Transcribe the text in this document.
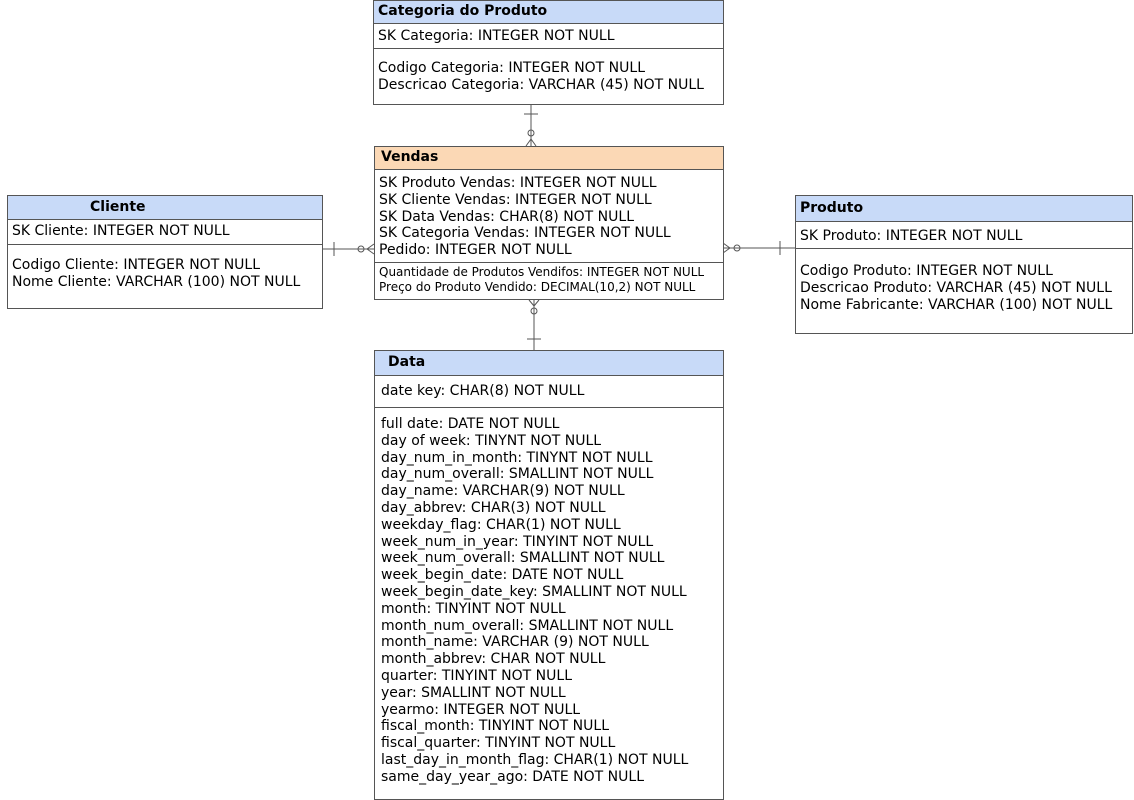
Categoria do Produto
SK Categoria: INTEGER NOT NULL
Codigo Categoria: INTEGER NOT NULL
Descricao Categoria: VARCHAR (45) NOT NULL
Vendas
SK Produto Vendas: INTEGER NOT NULL
SK Cliente Vendas: INTEGER NOT NULL
SK Data Vendas: CHAR(8) NOT NULL
SK Categoria Vendas: INTEGER NOT NULL
Pedido: INTEGER NOT NULL
Quantidade de Produtos Vendifos: INTEGER NOT NULL
Preço do Produto Vendido: DECIMAL(10,2) NOT NULL
Cliente
SK Cliente: INTEGER NOT NULL
Codigo Cliente: INTEGER NOT NULL
Nome Cliente: VARCHAR (100) NOT NULL
Produto
SK Produto: INTEGER NOT NULL
Codigo Produto: INTEGER NOT NULL
Descricao Produto: VARCHAR (45) NOT NULL
Nome Fabricante: VARCHAR (100) NOT NULL
Data
date key: CHAR(8) NOT NULL
full date: DATE NOT NULL
day of week: TINYNT NOT NULL
day_num_in_month: TINYNT NOT NULL
day_num_overall: SMALLINT NOT NULL
day_name: VARCHAR(9) NOT NULL
day_abbrev: CHAR(3) NOT NULL
weekday_flag: CHAR(1) NOT NULL
week_num_in_year: TINYINT NOT NULL
week_num_overall: SMALLINT NOT NULL
week_begin_date: DATE NOT NULL
week_begin_date_key: SMALLINT NOT NULL
month: TINYINT NOT NULL
month_num_overall: SMALLINT NOT NULL
month_name: VARCHAR (9) NOT NULL
month_abbrev: CHAR NOT NULL
quarter: TINYINT NOT NULL
year: SMALLINT NOT NULL
yearmo: INTEGER NOT NULL
fiscal_month: TINYINT NOT NULL
fiscal_quarter: TINYINT NOT NULL
last_day_in_month_flag: CHAR(1) NOT NULL
same_day_year_ago: DATE NOT NULL
